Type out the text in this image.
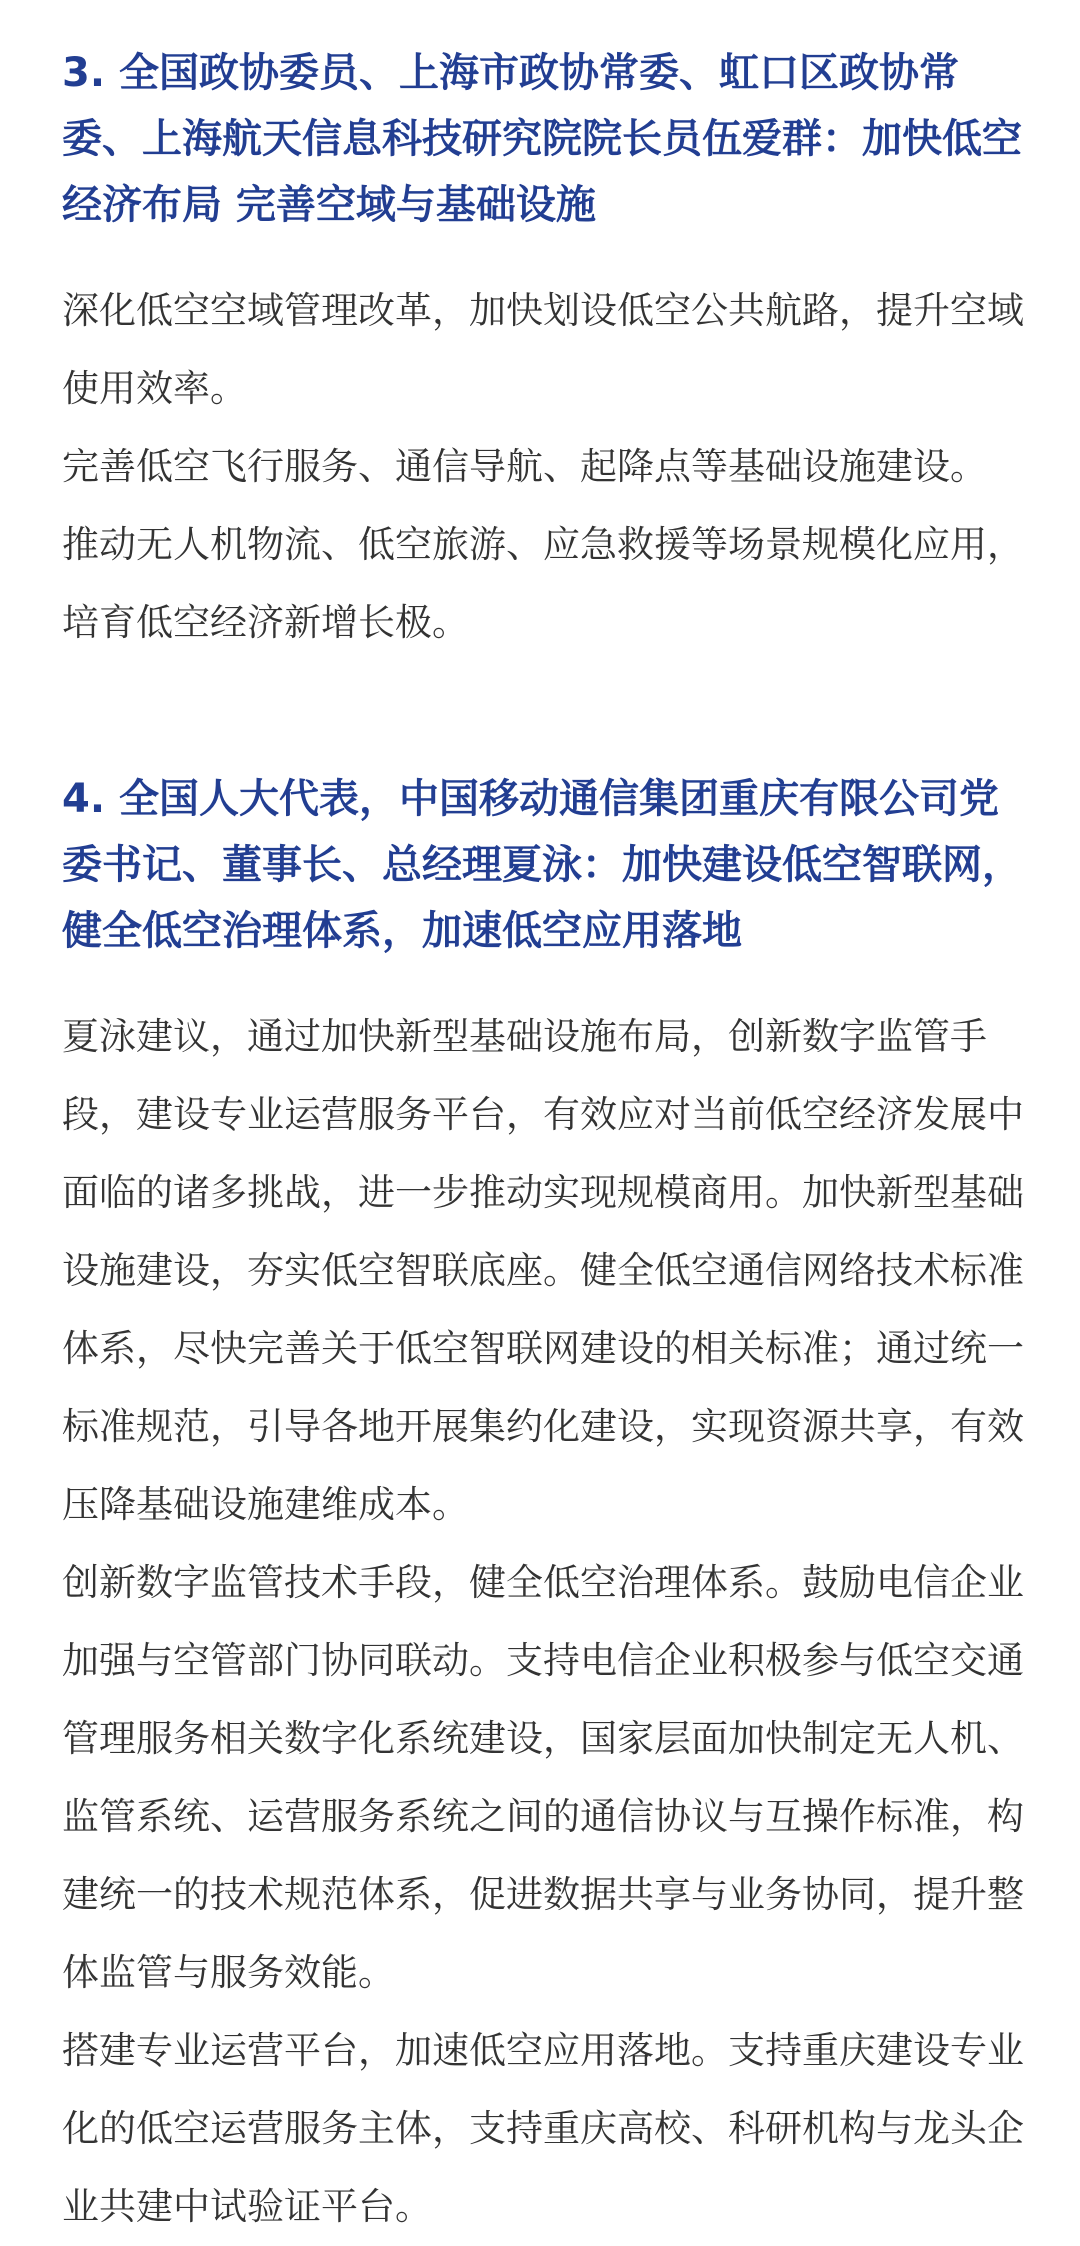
3. 全国政协委员、上海市政协常委、虹口区政协常委、上海航天信息科技研究院院长员伍爱群：加快低空经济布局 完善空域与基础设施

深化低空空域管理改革，加快划设低空公共航路，提升空域使用效率。

完善低空飞行服务、通信导航、起降点等基础设施建设。

推动无人机物流、低空旅游、应急救援等场景规模化应用，培育低空经济新增长极。

4. 全国人大代表，中国移动通信集团重庆有限公司党委书记、董事长、总经理夏泳：加快建设低空智联网，健全低空治理体系，加速低空应用落地

夏泳建议，通过加快新型基础设施布局，创新数字监管手段，建设专业运营服务平台，有效应对当前低空经济发展中面临的诸多挑战，进一步推动实现规模商用。加快新型基础设施建设，夯实低空智联底座。健全低空通信网络技术标准体系，尽快完善关于低空智联网建设的相关标准；通过统一标准规范，引导各地开展集约化建设，实现资源共享，有效压降基础设施建维成本。

创新数字监管技术手段，健全低空治理体系。鼓励电信企业加强与空管部门协同联动。支持电信企业积极参与低空交通管理服务相关数字化系统建设，国家层面加快制定无人机、监管系统、运营服务系统之间的通信协议与互操作标准，构建统一的技术规范体系，促进数据共享与业务协同，提升整体监管与服务效能。

搭建专业运营平台，加速低空应用落地。支持重庆建设专业化的低空运营服务主体，支持重庆高校、科研机构与龙头企业共建中试验证平台。
